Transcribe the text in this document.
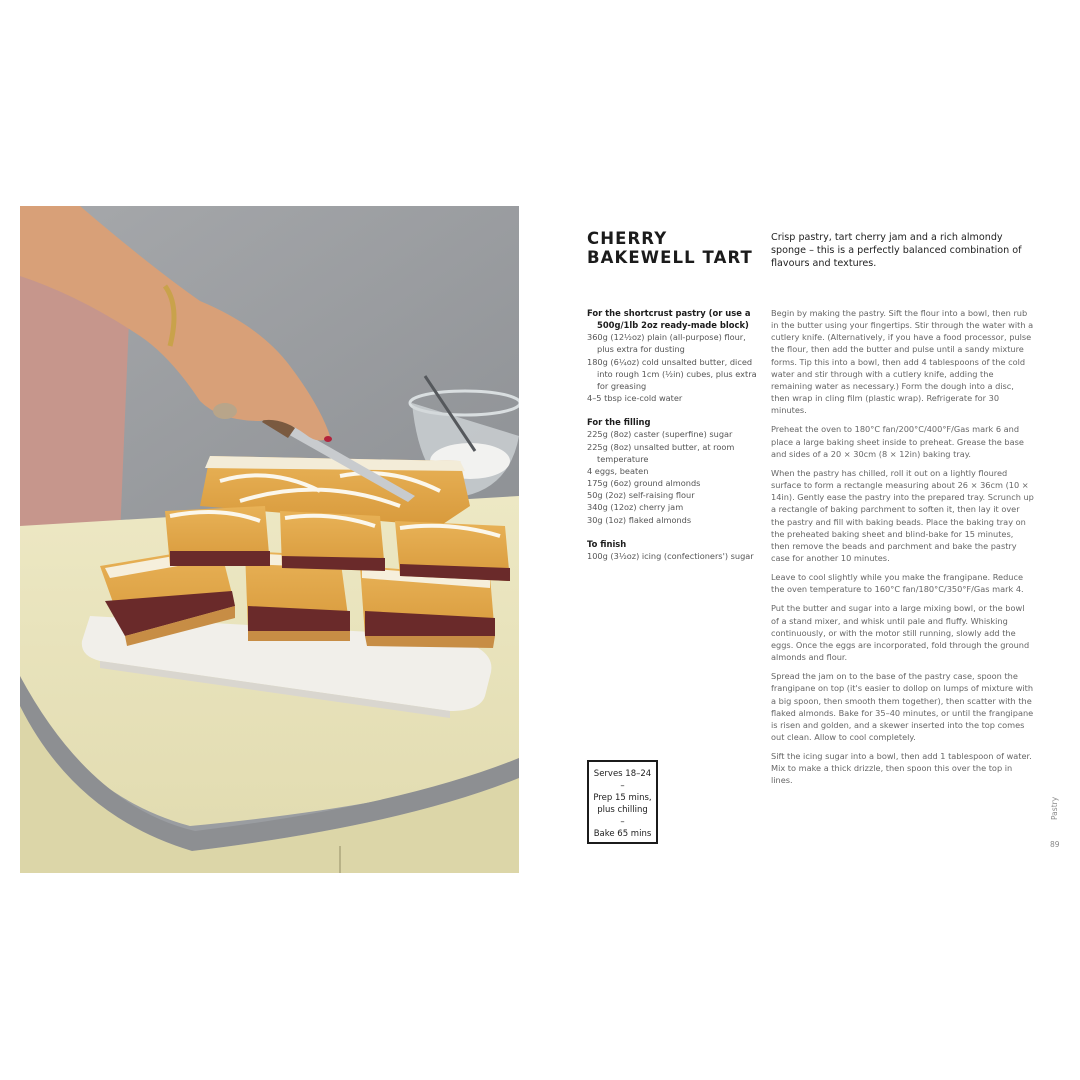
CHERRY
BAKEWELL TART
Crisp pastry, tart cherry jam and a rich almondy sponge – this is a perfectly balanced combination of flavours and textures.
For the shortcrust pastry (or use a 500g/1lb 2oz ready-made block)
360g (12½oz) plain (all-purpose) flour, plus extra for dusting
180g (6¼oz) cold unsalted butter, diced into rough 1cm (½in) cubes, plus extra for greasing
4–5 tbsp ice-cold water
For the filling
225g (8oz) caster (superfine) sugar
225g (8oz) unsalted butter, at room temperature
4 eggs, beaten
175g (6oz) ground almonds
50g (2oz) self-raising flour
340g (12oz) cherry jam
30g (1oz) flaked almonds
To finish
100g (3½oz) icing (confectioners') sugar

Begin by making the pastry. Sift the flour into a bowl, then rub in the butter using your fingertips. Stir through the water with a cutlery knife. (Alternatively, if you have a food processor, pulse the flour, then add the butter and pulse until a sandy mixture forms. Tip this into a bowl, then add 4 tablespoons of the cold water and stir through with a cutlery knife, adding the remaining water as necessary.) Form the dough into a disc, then wrap in cling film (plastic wrap). Refrigerate for 30 minutes.

Preheat the oven to 180°C fan/200°C/400°F/Gas mark 6 and place a large baking sheet inside to preheat. Grease the base and sides of a 20 × 30cm (8 × 12in) baking tray.

When the pastry has chilled, roll it out on a lightly floured surface to form a rectangle measuring about 26 × 36cm (10 × 14in). Gently ease the pastry into the prepared tray. Scrunch up a rectangle of baking parchment to soften it, then lay it over the pastry and fill with baking beads. Place the baking tray on the preheated baking sheet and blind-bake for 15 minutes, then remove the beads and parchment and bake the pastry case for another 10 minutes.

Leave to cool slightly while you make the frangipane. Reduce the oven temperature to 160°C fan/180°C/350°F/Gas mark 4.

Put the butter and sugar into a large mixing bowl, or the bowl of a stand mixer, and whisk until pale and fluffy. Whisking continuously, or with the motor still running, slowly add the eggs. Once the eggs are incorporated, fold through the ground almonds and flour.

Spread the jam on to the base of the pastry case, spoon the frangipane on top (it's easier to dollop on lumps of mixture with a big spoon, then smooth them together), then scatter with the flaked almonds. Bake for 35–40 minutes, or until the frangipane is risen and golden, and a skewer inserted into the top comes out clean. Allow to cool completely.

Sift the icing sugar into a bowl, then add 1 tablespoon of water. Mix to make a thick drizzle, then spoon this over the top in lines.

Serves 18–24
–
Prep 15 mins,
plus chilling
–
Bake 65 mins
Pastry
89
